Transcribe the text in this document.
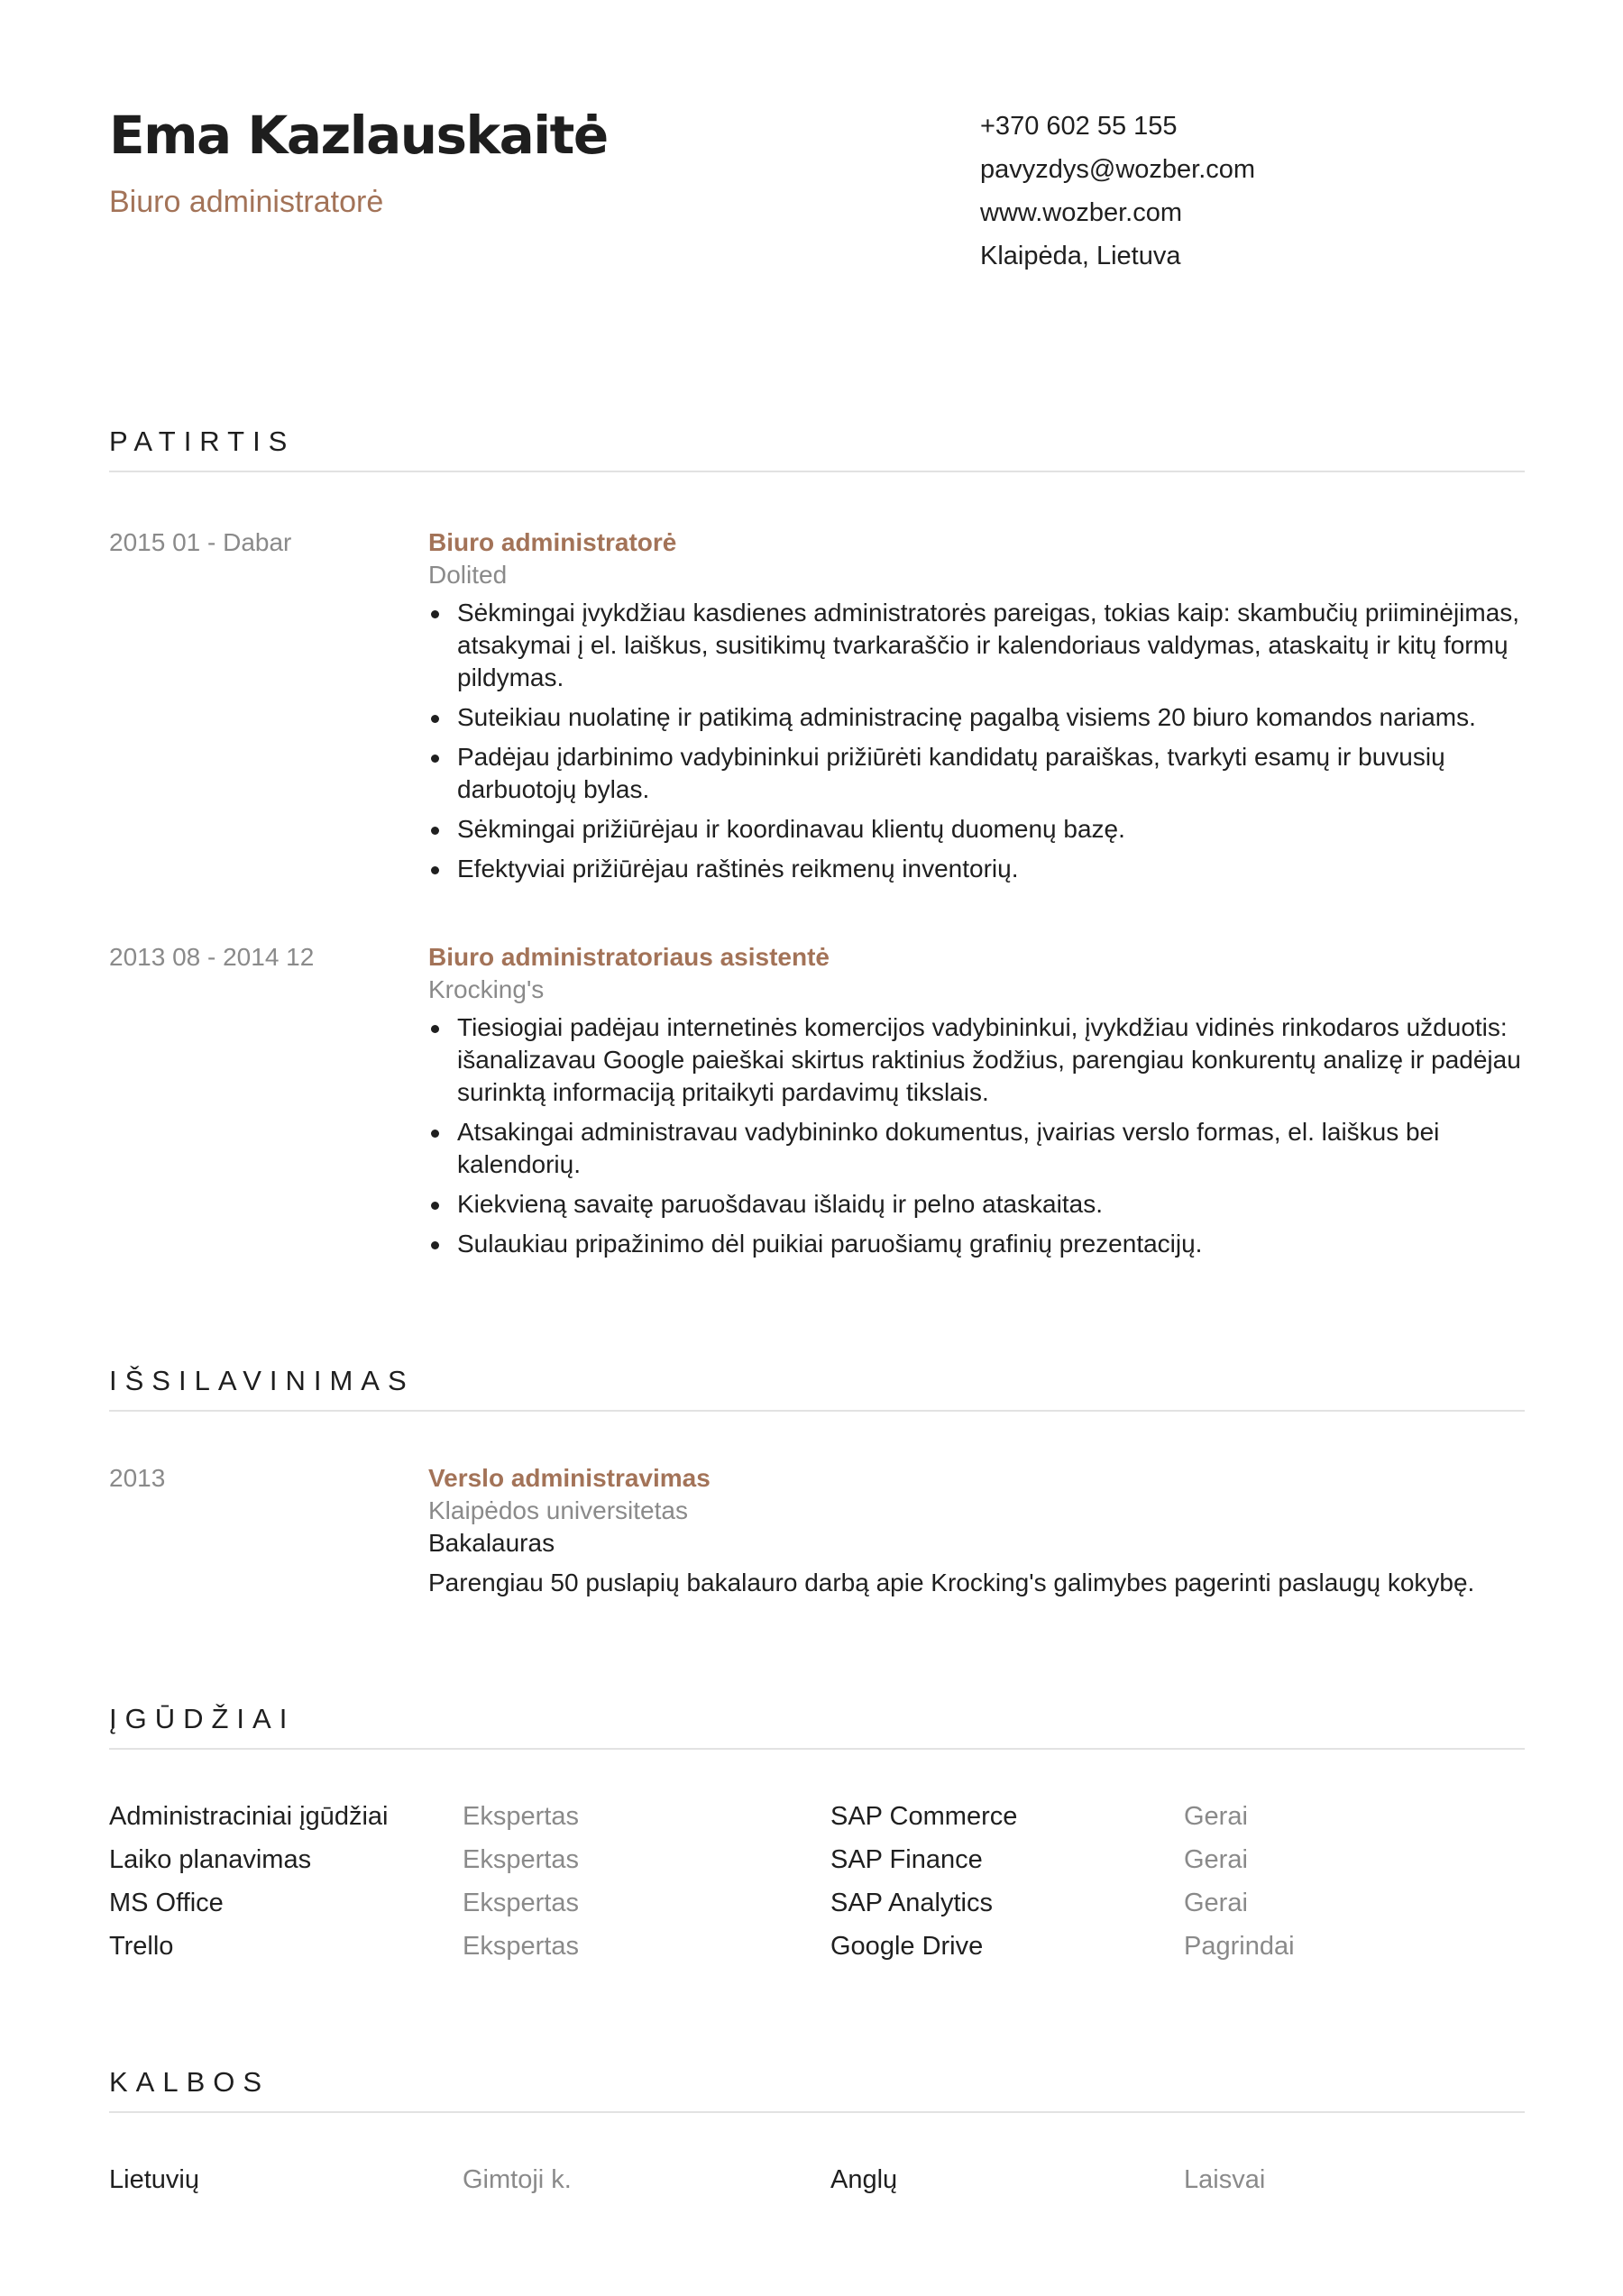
Ema Kazlauskaitė
Biuro administratorė
+370 602 55 155
pavyzdys@wozber.com
www.wozber.com
Klaipėda, Lietuva
PATIRTIS
2015 01 - Dabar	Biuro administratorė
Dolited
Sėkmingai įvykdžiau kasdienes administratorės pareigas, tokias kaip: skambučių priiminėjimas, atsakymai į el. laiškus, susitikimų tvarkaraščio ir kalendoriaus valdymas, ataskaitų ir kitų formų pildymas.
Suteikiau nuolatinę ir patikimą administracinę pagalbą visiems 20 biuro komandos nariams.
Padėjau įdarbinimo vadybininkui prižiūrėti kandidatų paraiškas, tvarkyti esamų ir buvusių darbuotojų bylas.
Sėkmingai prižiūrėjau ir koordinavau klientų duomenų bazę.
Efektyviai prižiūrėjau raštinės reikmenų inventorių.
2013 08 - 2014 12	Biuro administratoriaus asistentė
Krocking's
Tiesiogiai padėjau internetinės komercijos vadybininkui, įvykdžiau vidinės rinkodaros užduotis: išanalizavau Google paieškai skirtus raktinius žodžius, parengiau konkurentų analizę ir padėjau surinktą informaciją pritaikyti pardavimų tikslais.
Atsakingai administravau vadybininko dokumentus, įvairias verslo formas, el. laiškus bei kalendorių.
Kiekvieną savaitę paruošdavau išlaidų ir pelno ataskaitas.
Sulaukiau pripažinimo dėl puikiai paruošiamų grafinių prezentacijų.
IŠSILAVINIMAS
2013	Verslo administravimas
Klaipėdos universitetas
Bakalauras
Parengiau 50 puslapių bakalauro darbą apie Krocking's galimybes pagerinti paslaugų kokybę.
ĮGŪDŽIAI
Administraciniai įgūdžiai	Ekspertas	SAP Commerce	Gerai
Laiko planavimas	Ekspertas	SAP Finance	Gerai
MS Office	Ekspertas	SAP Analytics	Gerai
Trello	Ekspertas	Google Drive	Pagrindai
KALBOS
Lietuvių	Gimtoji k.	Anglų	Laisvai
